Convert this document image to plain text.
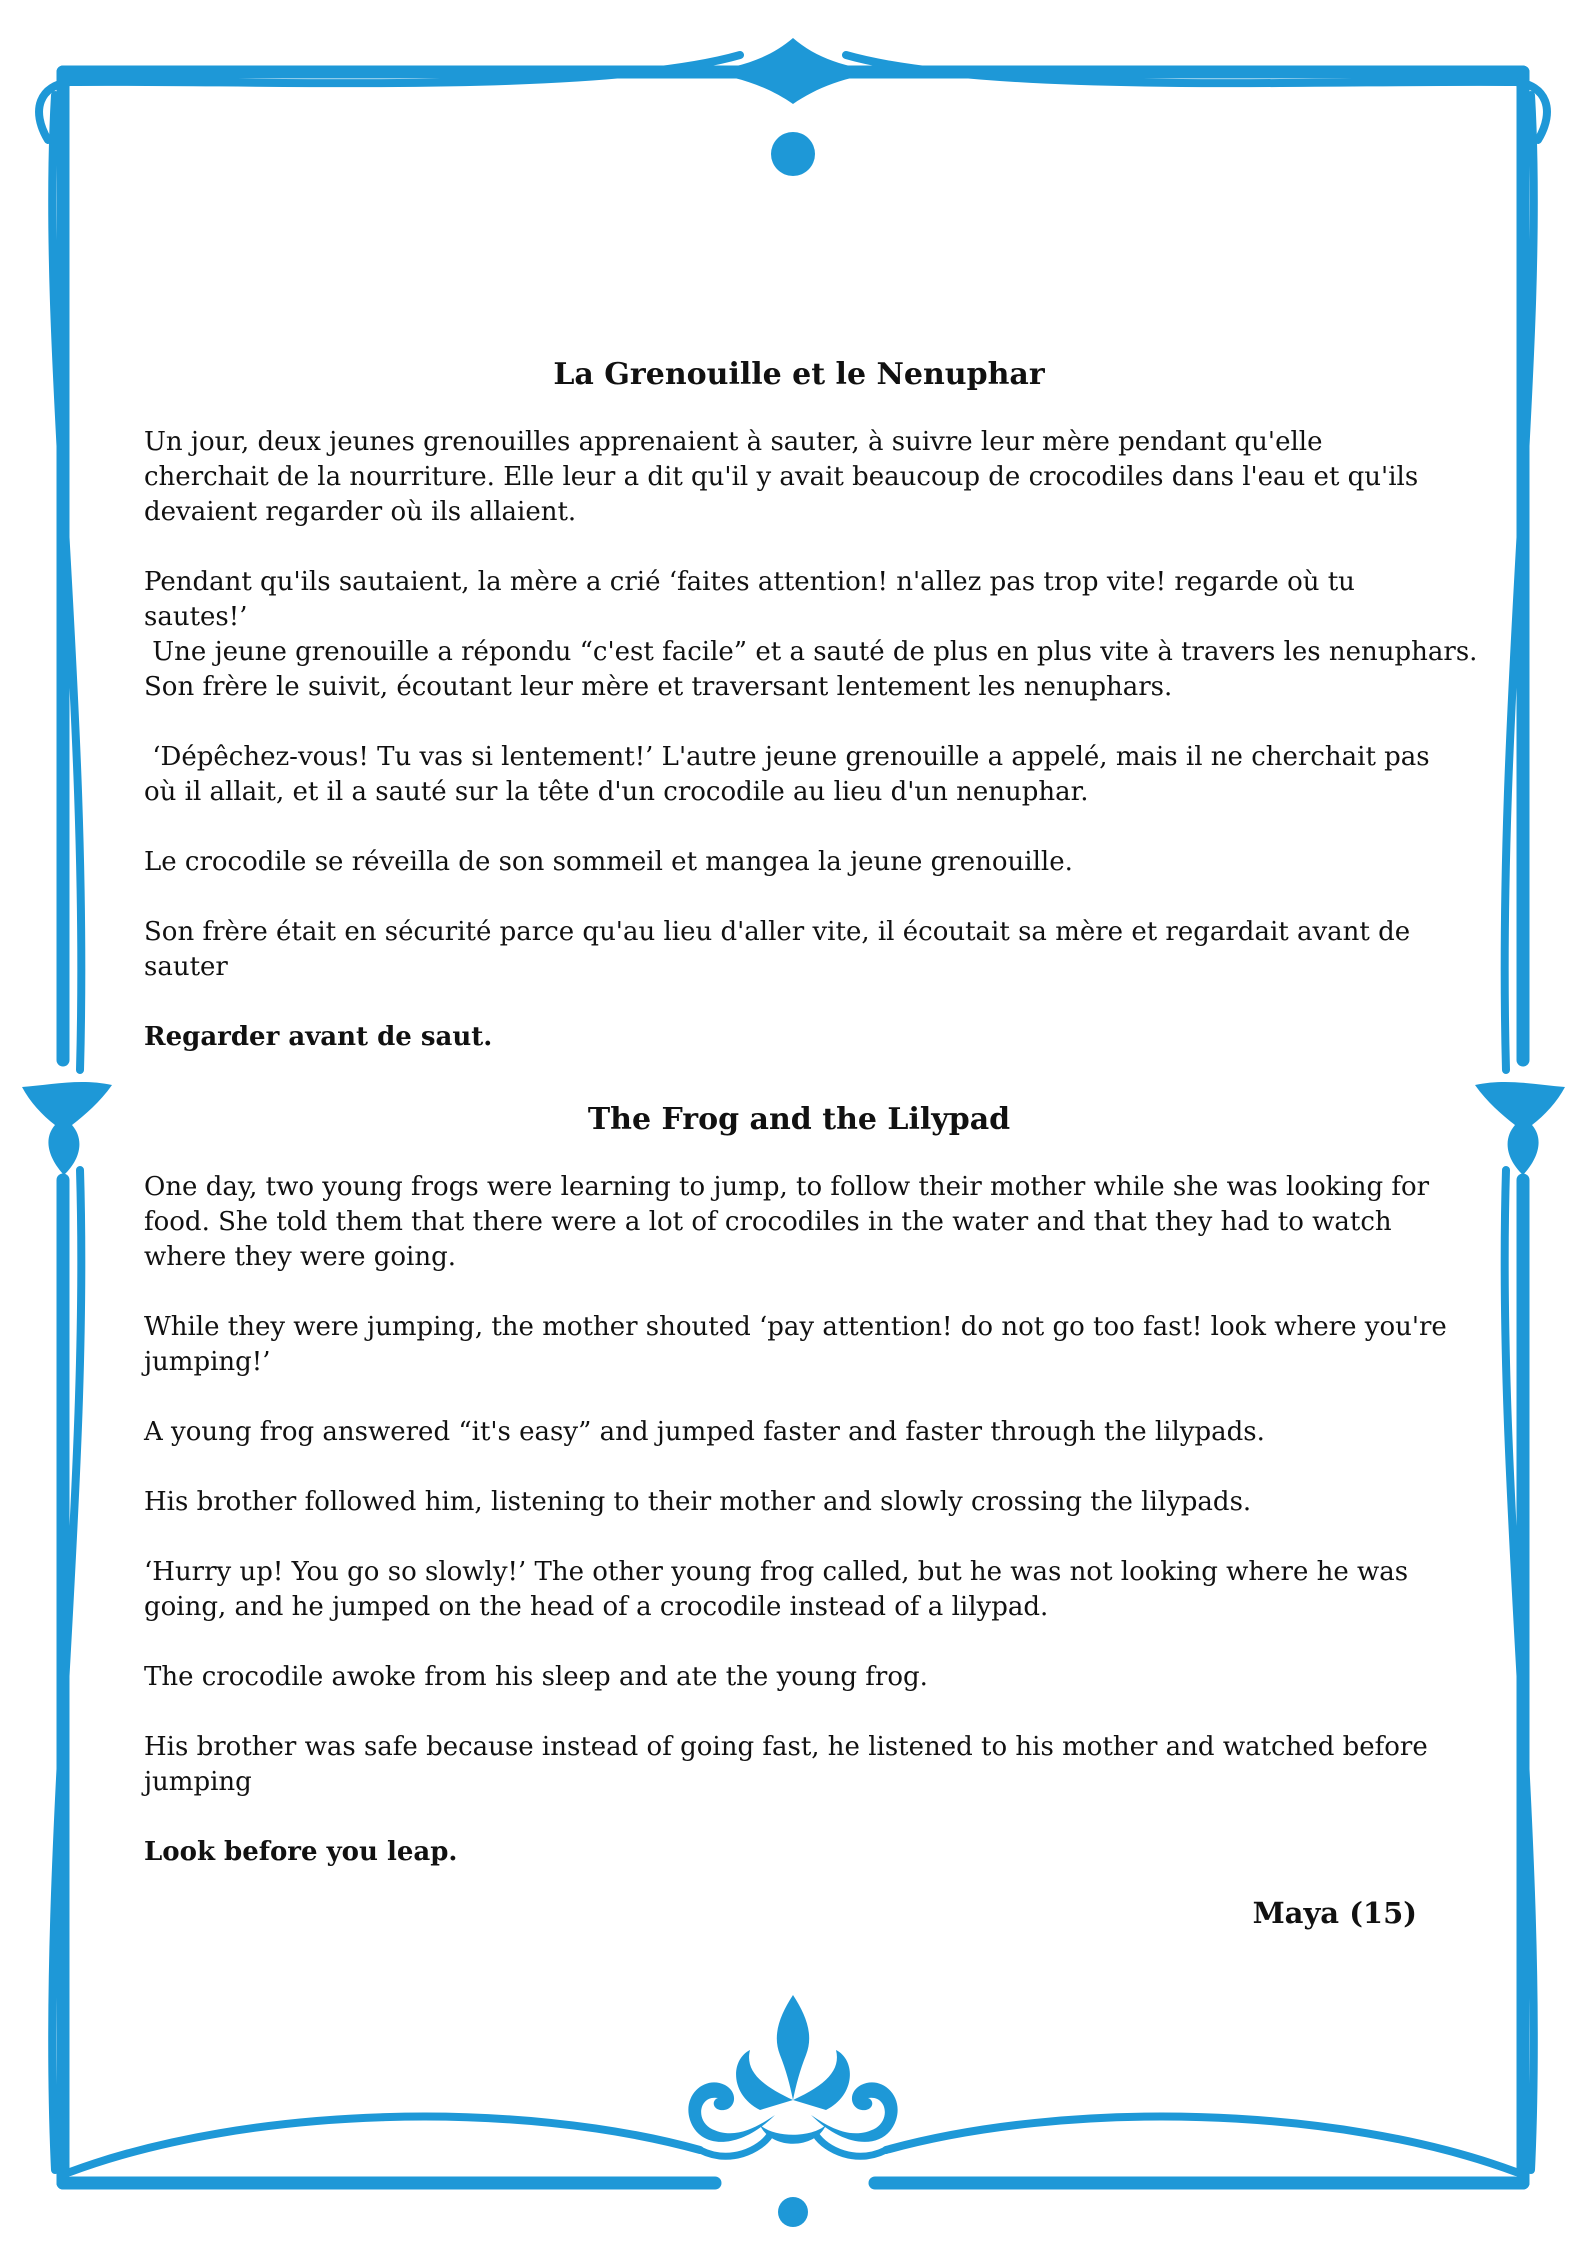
La Grenouille et le Nenuphar

Un jour, deux jeunes grenouilles apprenaient à sauter, à suivre leur mère pendant qu'elle cherchait de la nourriture. Elle leur a dit qu'il y avait beaucoup de crocodiles dans l'eau et qu'ils devaient regarder où ils allaient.

Pendant qu'ils sautaient, la mère a crié ‘faites attention! n'allez pas trop vite! regarde où tu sautes!’

Une jeune grenouille a répondu “c'est facile” et a sauté de plus en plus vite à travers les nenuphars.

Son frère le suivit, écoutant leur mère et traversant lentement les nenuphars.

‘Dépêchez-vous! Tu vas si lentement!’ L'autre jeune grenouille a appelé, mais il ne cherchait pas où il allait, et il a sauté sur la tête d'un crocodile au lieu d'un nenuphar.

Le crocodile se réveilla de son sommeil et mangea la jeune grenouille.

Son frère était en sécurité parce qu'au lieu d'aller vite, il écoutait sa mère et regardait avant de sauter

Regarder avant de saut.

The Frog and the Lilypad

One day, two young frogs were learning to jump, to follow their mother while she was looking for food. She told them that there were a lot of crocodiles in the water and that they had to watch where they were going.

While they were jumping, the mother shouted ‘pay attention! do not go too fast! look where you're jumping!’

A young frog answered “it's easy” and jumped faster and faster through the lilypads.

His brother followed him, listening to their mother and slowly crossing the lilypads.

‘Hurry up! You go so slowly!’ The other young frog called, but he was not looking where he was going, and he jumped on the head of a crocodile instead of a lilypad.

The crocodile awoke from his sleep and ate the young frog.

His brother was safe because instead of going fast, he listened to his mother and watched before jumping

Look before you leap.

Maya (15)
